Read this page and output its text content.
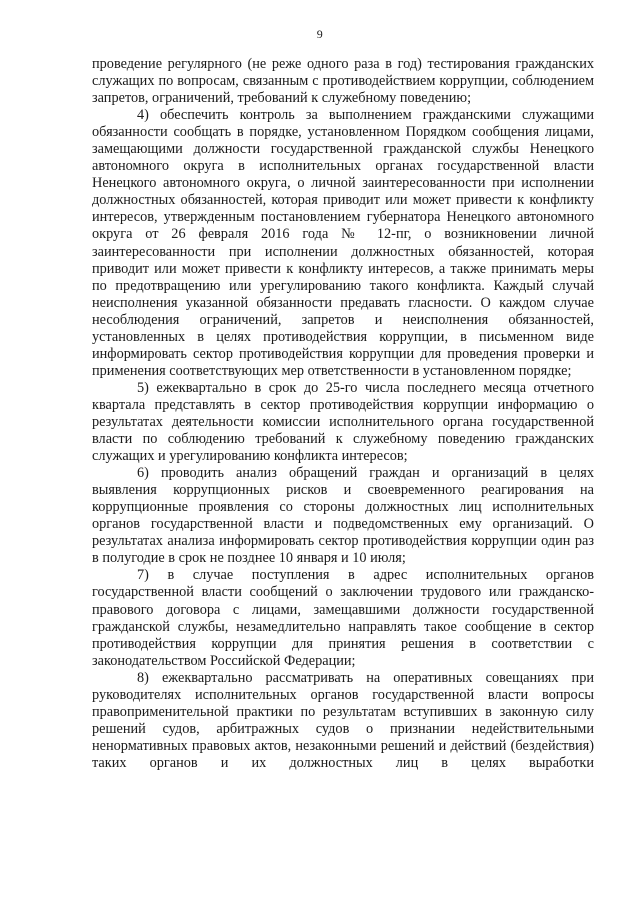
9

проведение регулярного (не реже одного раза в год) тестирования гражданских служащих по вопросам, связанным с противодействием коррупции, соблюдением запретов, ограничений, требований к служебному поведению;

4) обеспечить контроль за выполнением гражданскими служащими обязанности сообщать в порядке, установленном Порядком сообщения лицами, замещающими должности государственной гражданской службы Ненецкого автономного округа в исполнительных органах государственной власти Ненецкого автономного округа, о личной заинтересованности при исполнении должностных обязанностей, которая приводит или может привести к конфликту интересов, утвержденным постановлением губернатора Ненецкого автономного округа от 26 февраля 2016 года № 12-пг, о возникновении личной заинтересованности при исполнении должностных обязанностей, которая приводит или может привести к конфликту интересов, а также принимать меры по предотвращению или урегулированию такого конфликта. Каждый случай неисполнения указанной обязанности предавать гласности. О каждом случае несоблюдения ограничений, запретов и неисполнения обязанностей, установленных в целях противодействия коррупции, в письменном виде информировать сектор противодействия коррупции для проведения проверки и применения соответствующих мер ответственности в установленном порядке;

5) ежеквартально в срок до 25-го числа последнего месяца отчетного квартала представлять в сектор противодействия коррупции информацию о результатах деятельности комиссии исполнительного органа государственной власти по соблюдению требований к служебному поведению гражданских служащих и урегулированию конфликта интересов;

6) проводить анализ обращений граждан и организаций в целях выявления коррупционных рисков и своевременного реагирования на коррупционные проявления со стороны должностных лиц исполнительных органов государственной власти и подведомственных ему организаций. О результатах анализа информировать сектор противодействия коррупции один раз в полугодие в срок не позднее 10 января и 10 июля;

7) в случае поступления в адрес исполнительных органов государственной власти сообщений о заключении трудового или гражданско-правового договора с лицами, замещавшими должности государственной гражданской службы, незамедлительно направлять такое сообщение в сектор противодействия коррупции для принятия решения в соответствии с законодательством Российской Федерации;

8) ежеквартально рассматривать на оперативных совещаниях при руководителях исполнительных органов государственной власти вопросы правоприменительной практики по результатам вступивших в законную силу решений судов, арбитражных судов о признании недействительными ненормативных правовых актов, незаконными решений и действий (бездействия) таких органов и их должностных лиц в целях выработки
